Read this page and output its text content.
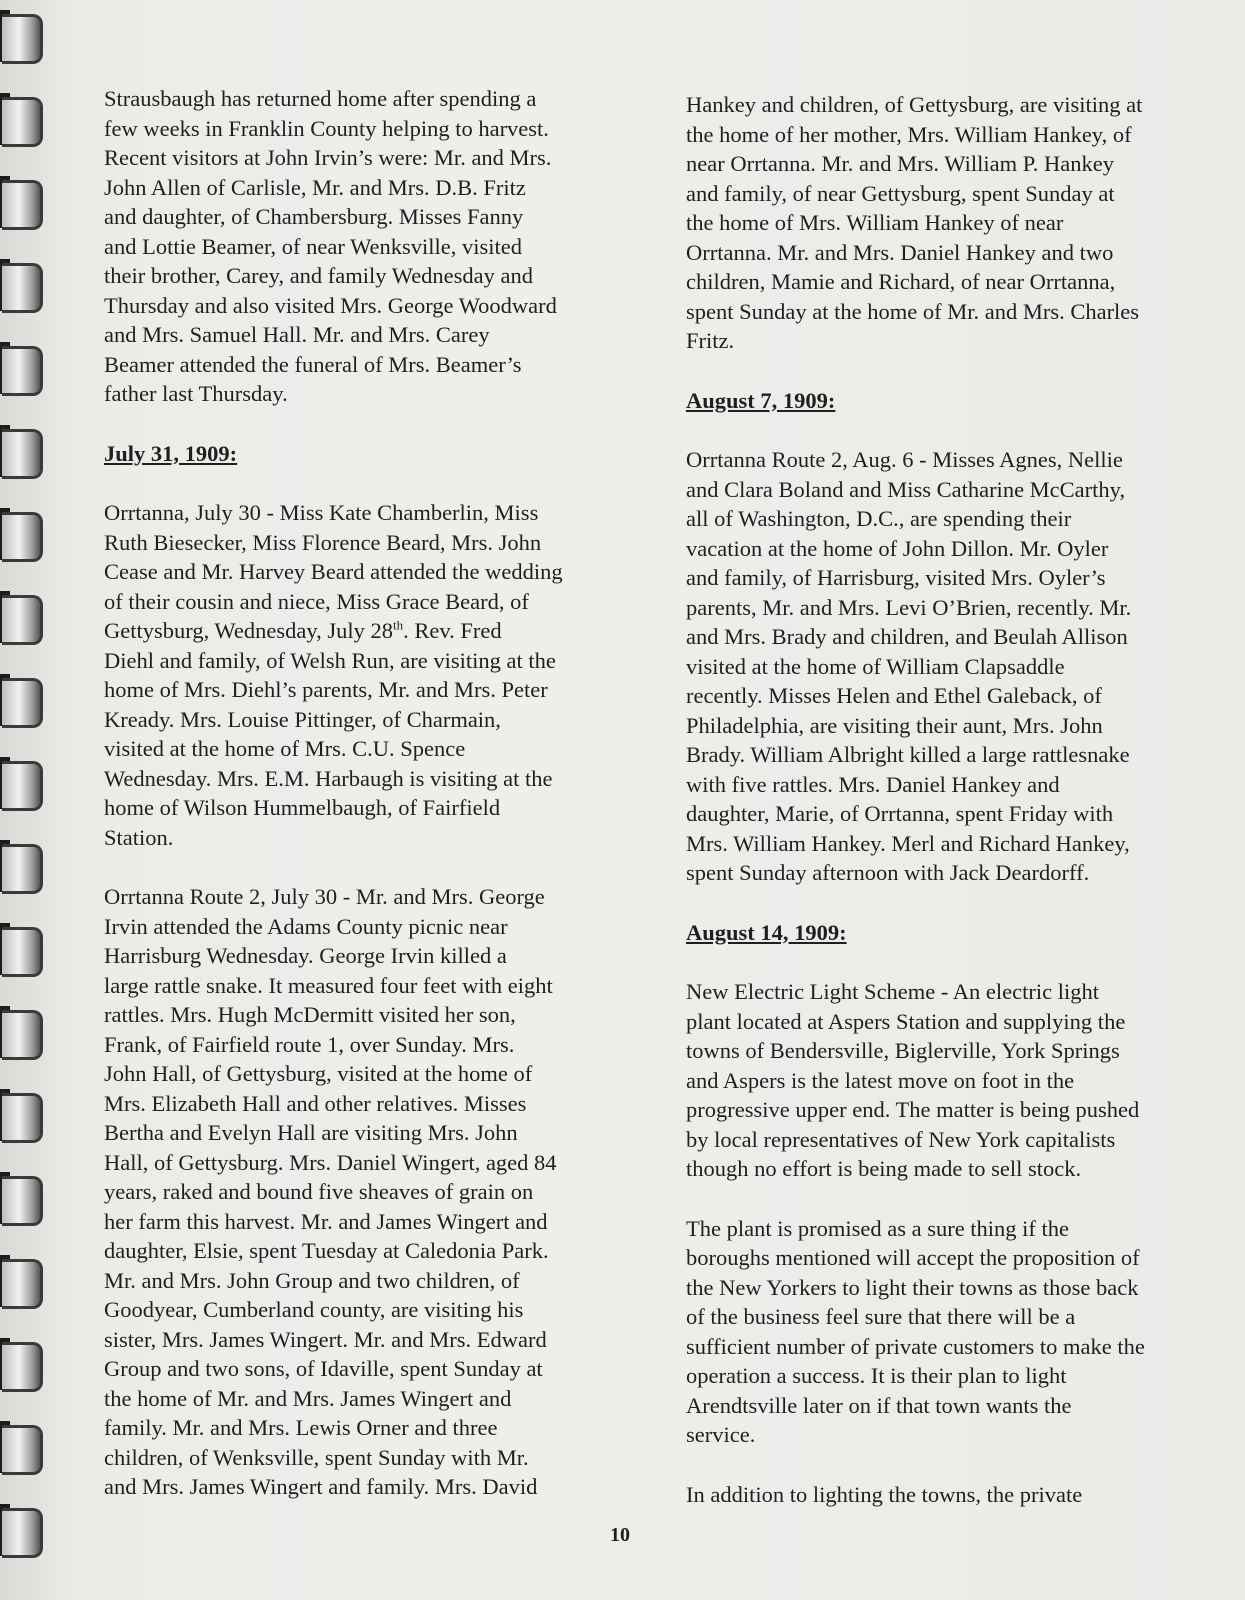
Strausbaugh has returned home after spending a
few weeks in Franklin County helping to harvest.
Recent visitors at John Irvin’s were: Mr. and Mrs.
John Allen of Carlisle, Mr. and Mrs. D.B. Fritz
and daughter, of Chambersburg. Misses Fanny
and Lottie Beamer, of near Wenksville, visited
their brother, Carey, and family Wednesday and
Thursday and also visited Mrs. George Woodward
and Mrs. Samuel Hall. Mr. and Mrs. Carey
Beamer attended the funeral of Mrs. Beamer’s
father last Thursday.

July 31, 1909:

Orrtanna, July 30 - Miss Kate Chamberlin, Miss
Ruth Biesecker, Miss Florence Beard, Mrs. John
Cease and Mr. Harvey Beard attended the wedding
of their cousin and niece, Miss Grace Beard, of
Gettysburg, Wednesday, July 28th. Rev. Fred
Diehl and family, of Welsh Run, are visiting at the
home of Mrs. Diehl’s parents, Mr. and Mrs. Peter
Kready. Mrs. Louise Pittinger, of Charmain,
visited at the home of Mrs. C.U. Spence
Wednesday. Mrs. E.M. Harbaugh is visiting at the
home of Wilson Hummelbaugh, of Fairfield
Station.

Orrtanna Route 2, July 30 - Mr. and Mrs. George
Irvin attended the Adams County picnic near
Harrisburg Wednesday. George Irvin killed a
large rattle snake. It measured four feet with eight
rattles. Mrs. Hugh McDermitt visited her son,
Frank, of Fairfield route 1, over Sunday. Mrs.
John Hall, of Gettysburg, visited at the home of
Mrs. Elizabeth Hall and other relatives. Misses
Bertha and Evelyn Hall are visiting Mrs. John
Hall, of Gettysburg. Mrs. Daniel Wingert, aged 84
years, raked and bound five sheaves of grain on
her farm this harvest. Mr. and James Wingert and
daughter, Elsie, spent Tuesday at Caledonia Park.
Mr. and Mrs. John Group and two children, of
Goodyear, Cumberland county, are visiting his
sister, Mrs. James Wingert. Mr. and Mrs. Edward
Group and two sons, of Idaville, spent Sunday at
the home of Mr. and Mrs. James Wingert and
family. Mr. and Mrs. Lewis Orner and three
children, of Wenksville, spent Sunday with Mr.
and Mrs. James Wingert and family. Mrs. David

Hankey and children, of Gettysburg, are visiting at
the home of her mother, Mrs. William Hankey, of
near Orrtanna. Mr. and Mrs. William P. Hankey
and family, of near Gettysburg, spent Sunday at
the home of Mrs. William Hankey of near
Orrtanna. Mr. and Mrs. Daniel Hankey and two
children, Mamie and Richard, of near Orrtanna,
spent Sunday at the home of Mr. and Mrs. Charles
Fritz.

August 7, 1909:

Orrtanna Route 2, Aug. 6 - Misses Agnes, Nellie
and Clara Boland and Miss Catharine McCarthy,
all of Washington, D.C., are spending their
vacation at the home of John Dillon. Mr. Oyler
and family, of Harrisburg, visited Mrs. Oyler’s
parents, Mr. and Mrs. Levi O’Brien, recently. Mr.
and Mrs. Brady and children, and Beulah Allison
visited at the home of William Clapsaddle
recently. Misses Helen and Ethel Galeback, of
Philadelphia, are visiting their aunt, Mrs. John
Brady. William Albright killed a large rattlesnake
with five rattles. Mrs. Daniel Hankey and
daughter, Marie, of Orrtanna, spent Friday with
Mrs. William Hankey. Merl and Richard Hankey,
spent Sunday afternoon with Jack Deardorff.

August 14, 1909:

New Electric Light Scheme - An electric light
plant located at Aspers Station and supplying the
towns of Bendersville, Biglerville, York Springs
and Aspers is the latest move on foot in the
progressive upper end. The matter is being pushed
by local representatives of New York capitalists
though no effort is being made to sell stock.

The plant is promised as a sure thing if the
boroughs mentioned will accept the proposition of
the New Yorkers to light their towns as those back
of the business feel sure that there will be a
sufficient number of private customers to make the
operation a success. It is their plan to light
Arendtsville later on if that town wants the
service.

In addition to lighting the towns, the private

10
